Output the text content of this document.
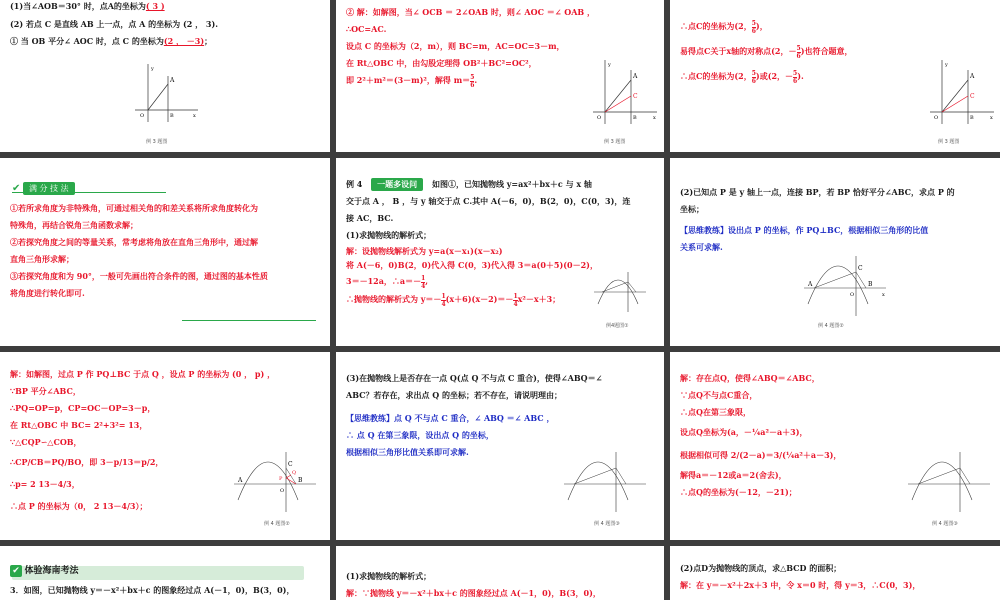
(1)当∠AOB＝30° 时，点A的坐标为( 3 )
(2) 若点 C 是直线 AB 上一点，点 A 的坐标为 (2 ， 3).
① 当 OB 平分∠ AOC 时，点 C 的坐标为(2 ， －3)；
y
A
O	B	x
例 3 题图
② 解：如解图，当∠ OCB ＝ 2∠OAB 时，则∠ AOC ＝∠ OAB ，
∴OC=AC.
设点 C 的坐标为（2，m），则 BC=m，AC=OC=3－m，
在 Rt△OBC 中，由勾股定理得 OB²＋BC²=OC²，
即 2²＋m²＝(3－m)²，解得 $m= \frac{5}{6}$ .
y
A
C
O	B	x
例 3 题图
∴点C的坐标为(2， $\frac{5}{6}$ )，
易得点C关于x轴的对称点(2，－ $\frac{5}{6}$ )也符合题意，
∴点C的坐标为(2， $\frac{5}{6}$ )或(2，－ $\frac{5}{6}$ ).
y
A
C
O	B	x
例 3 题图
✔ 满 分 技 法
①若所求角度为非特殊角，可通过相关角的和差关系将所求角度转化为
特殊角，再结合锐角三角函数求解；
②若探究角度之间的等量关系，常考虑将角放在直角三角形中，通过解
直角三角形求解；
③若探究角度和为 90°，一般可先画出符合条件的图，通过图的基本性质
将角度进行转化即可.
例 4 一题多设问 如图①，已知抛物线 y=ax²＋bx＋c 与 x 轴
交于点 A ， B ，与 y 轴交于点 C.其中 A(－6，0)，B(2，0)，C(0，3)，连
接 AC，BC.
(1)求抛物线的解析式；
解：设抛物线解析式为 y=a(x－x₁)(x－x₂)
将 A(－6，0)B(2，0)代入得 C(0，3)代入得 3＝a(0＋5)(0－2)，
3＝－12a，∴a＝－ $\frac{1}{4}$ ,
∴抛物线的解析式为 $y=- \frac{1}{4} (x+6)(x-2)=- \frac{1}{4} x^2-x+3$；
例4题图①
(2)已知点 P 是 y 轴上一点，连接 BP，若 BP 恰好平分∠ABC，求点 P 的
坐标；
【思维教练】设出点 P 的坐标，作 PQ⊥BC，根据相似三角形的比值
关系可求解.
A
C
B
O	x
例 4 题图②
解：如解图，过点 P 作 PQ⊥BC 于点 Q ，设点 P 的坐标为 (0 ， p) ，
∵BP 平分∠ABC，
∴PQ=OP=p，CP=OC－OP=3－p，
在 Rt△OBC 中 BC= 2²+3²= 13，
∵△CQP∽△COB，
∴CP/CB＝PQ/BO，即 3－p/13＝p/2，
∴p= 2 13－4/3，
∴点 P 的坐标为（0， 2 13－4/3）；
A
C
Q
P	B
O
例 4 题图②
(3)在抛物线上是否存在一点 Q(点 Q 不与点 C 重合)，使得∠ABQ＝∠
ABC？若存在，求出点 Q 的坐标；若不存在，请说明理由；
【思维教练】点 Q 不与点 C 重合，∠ ABQ ＝∠ ABC ，
∴ 点 Q 在第三象限，设出点 Q 的坐标，
根据相似三角形比值关系即可求解.
例 4 题图③
解：存在点Q，使得∠ABQ＝∠ABC，
∵点Q不与点C重合，
∴点Q在第三象限，
设点Q坐标为(a，－¼a²－a＋3)，
根据相似可得 2/(2－a)＝3/(¼a²＋a－3)，
解得a＝－12或a＝2(舍去)，
∴点Q的坐标为(－12，－21)；
例 4 题图③
✔ 体验海南考法
3．如图，已知抛物线 y＝－x²＋bx＋c 的图象经过点 A(－1，0)，B(3，0)，
(1)求抛物线的解析式；
解：∵抛物线 y＝－x²＋bx＋c 的图象经过点 A(－1，0)，B(3，0)，
(2)点D为抛物线的顶点，求△BCD 的面积；
解：在 y＝－x²＋2x＋3 中，令 x＝0 时，得 y＝3，∴C(0，3)，
